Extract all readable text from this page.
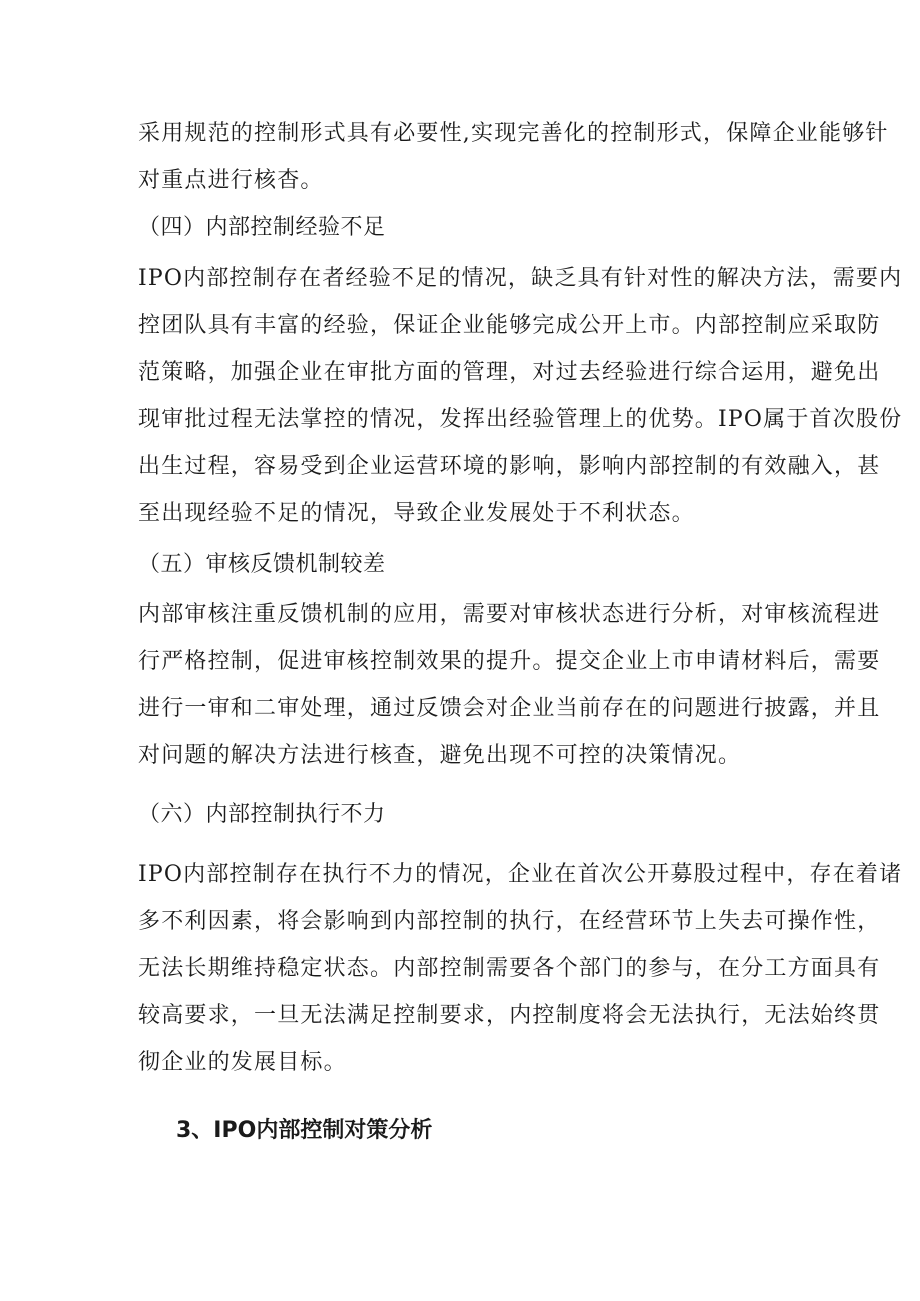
采用规范的控制形式具有必要性,实现完善化的控制形式，保障企业能够针
对重点进行核杳。
（四）内部控制经验不足
IPO内部控制存在者经验不足的情况，缺乏具有针对性的解决方法，需要内
控团队具有丰富的经验，保证企业能够完成公开上市。内部控制应采取防
范策略，加强企业在审批方面的管理，对过去经验进行综合运用，避免出
现审批过程无法掌控的情况，发挥出经验管理上的优势。IPO属于首次股份
出生过程，容易受到企业运营环境的影响，影响内部控制的有效融入，甚
至出现经验不足的情况，导致企业发展处于不利状态。
（五）审核反馈机制较差
内部审核注重反馈机制的应用，需要对审核状态进行分析，对审核流程进
行严格控制，促进审核控制效果的提升。提交企业上市申请材料后，需要
进行一审和二审处理，通过反馈会对企业当前存在的问题进行披露，并且
对问题的解决方法进行核查，避免出现不可控的决策情况。
（六）内部控制执行不力
IPO内部控制存在执行不力的情况，企业在首次公开募股过程中，存在着诸
多不利因素，将会影响到内部控制的执行，在经营环节上失去可操作性，
无法长期维持稳定状态。内部控制需要各个部门的参与，在分工方面具有
较高要求，一旦无法满足控制要求，内控制度将会无法执行，无法始终贯
彻企业的发展目标。
3、IPO内部控制对策分析
